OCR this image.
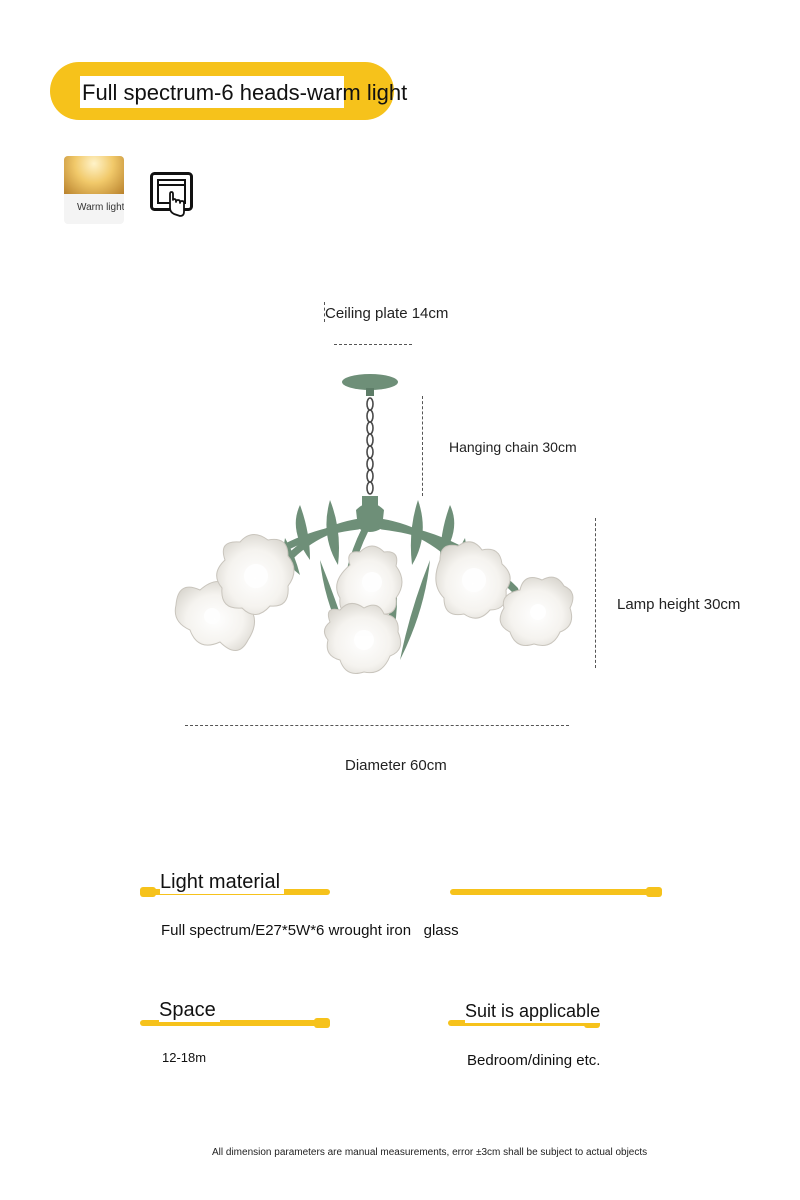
Full spectrum-6 heads-warm light
Warm light
Ceiling plate 14cm
Hanging chain 30cm
Lamp height 30cm
Diameter 60cm
Light material
Full spectrum/E27*5W*6 wrought iron   glass
Space
12-18m
Suit is applicable
Bedroom/dining etc.
All dimension parameters are manual measurements, error ±3cm shall be subject to actual objects
